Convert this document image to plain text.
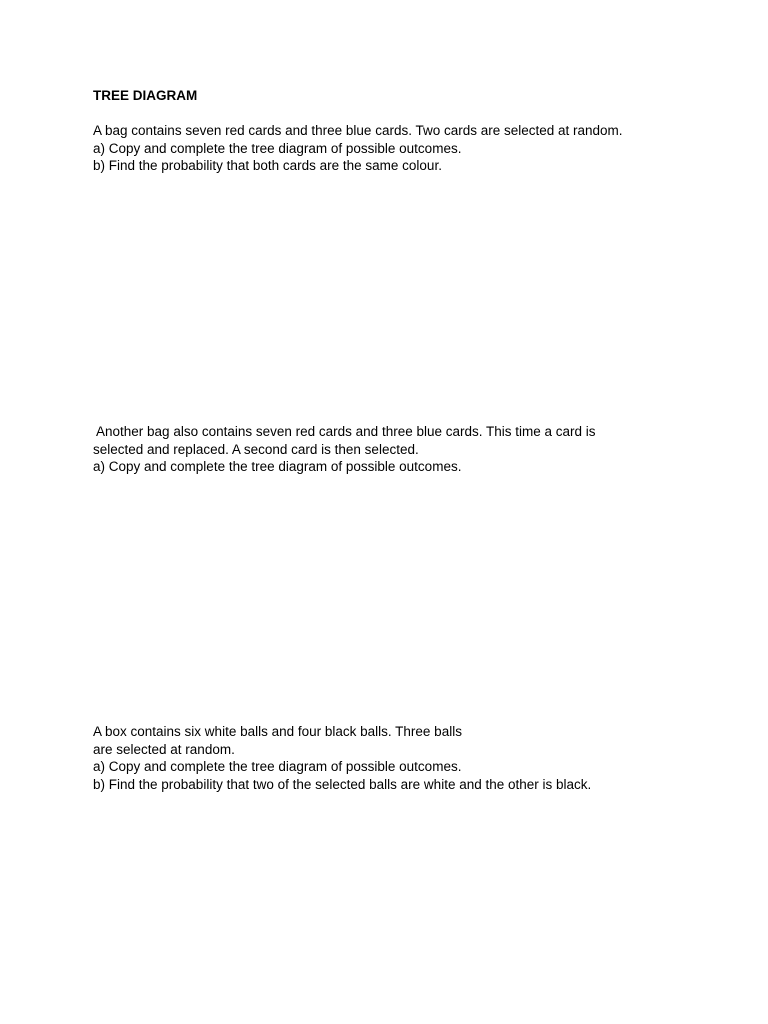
TREE DIAGRAM
A bag contains seven red cards and three blue cards. Two cards are selected at random.
a) Copy and complete the tree diagram of possible outcomes.
b) Find the probability that both cards are the same colour.
Another bag also contains seven red cards and three blue cards. This time a card is
selected and replaced. A second card is then selected.
a) Copy and complete the tree diagram of possible outcomes.
A box contains six white balls and four black balls. Three balls
are selected at random.
a) Copy and complete the tree diagram of possible outcomes.
b) Find the probability that two of the selected balls are white and the other is black.
